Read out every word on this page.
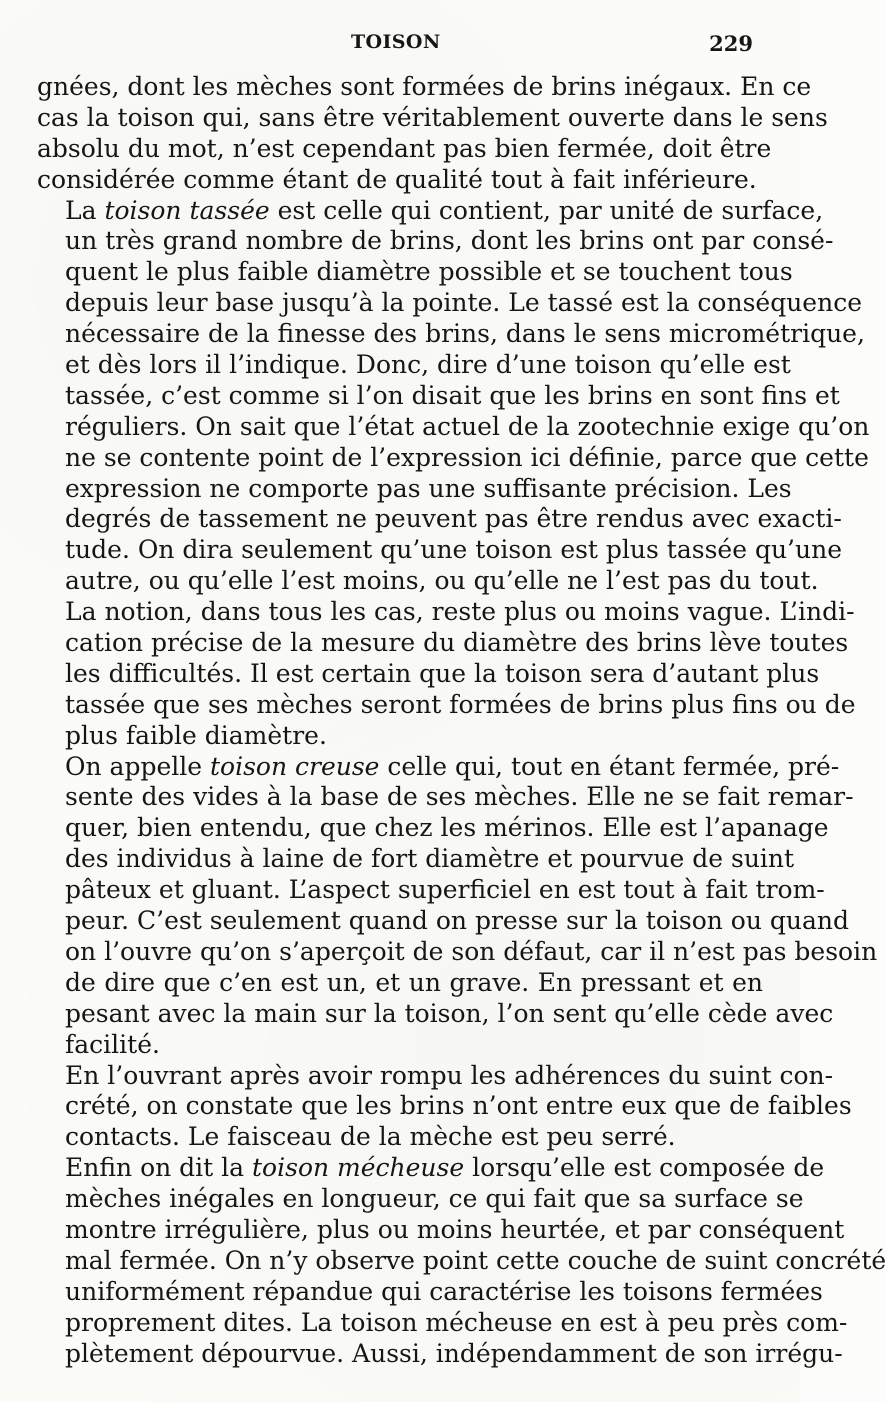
TOISON	229

gnées, dont les mèches sont formées de brins inégaux. En ce
cas la toison qui, sans être véritablement ouverte dans le sens
absolu du mot, n’est cependant pas bien fermée, doit être
considérée comme étant de qualité tout à fait inférieure.

La toison tassée est celle qui contient, par unité de surface,
un très grand nombre de brins, dont les brins ont par consé-
quent le plus faible diamètre possible et se touchent tous
depuis leur base jusqu’à la pointe. Le tassé est la conséquence
nécessaire de la finesse des brins, dans le sens micrométrique,
et dès lors il l’indique. Donc, dire d’une toison qu’elle est
tassée, c’est comme si l’on disait que les brins en sont fins et
réguliers. On sait que l’état actuel de la zootechnie exige qu’on
ne se contente point de l’expression ici définie, parce que cette
expression ne comporte pas une suffisante précision. Les
degrés de tassement ne peuvent pas être rendus avec exacti-
tude. On dira seulement qu’une toison est plus tassée qu’une
autre, ou qu’elle l’est moins, ou qu’elle ne l’est pas du tout.
La notion, dans tous les cas, reste plus ou moins vague. L’indi-
cation précise de la mesure du diamètre des brins lève toutes
les difficultés. Il est certain que la toison sera d’autant plus
tassée que ses mèches seront formées de brins plus fins ou de
plus faible diamètre.

On appelle toison creuse celle qui, tout en étant fermée, pré-
sente des vides à la base de ses mèches. Elle ne se fait remar-
quer, bien entendu, que chez les mérinos. Elle est l’apanage
des individus à laine de fort diamètre et pourvue de suint
pâteux et gluant. L’aspect superficiel en est tout à fait trom-
peur. C’est seulement quand on presse sur la toison ou quand
on l’ouvre qu’on s’aperçoit de son défaut, car il n’est pas besoin
de dire que c’en est un, et un grave. En pressant et en
pesant avec la main sur la toison, l’on sent qu’elle cède avec
facilité.

En l’ouvrant après avoir rompu les adhérences du suint con-
crété, on constate que les brins n’ont entre eux que de faibles
contacts. Le faisceau de la mèche est peu serré.

Enfin on dit la toison mécheuse lorsqu’elle est composée de
mèches inégales en longueur, ce qui fait que sa surface se
montre irrégulière, plus ou moins heurtée, et par conséquent
mal fermée. On n’y observe point cette couche de suint concrété
uniformément répandue qui caractérise les toisons fermées
proprement dites. La toison mécheuse en est à peu près com-
plètement dépourvue. Aussi, indépendamment de son irrégu-
